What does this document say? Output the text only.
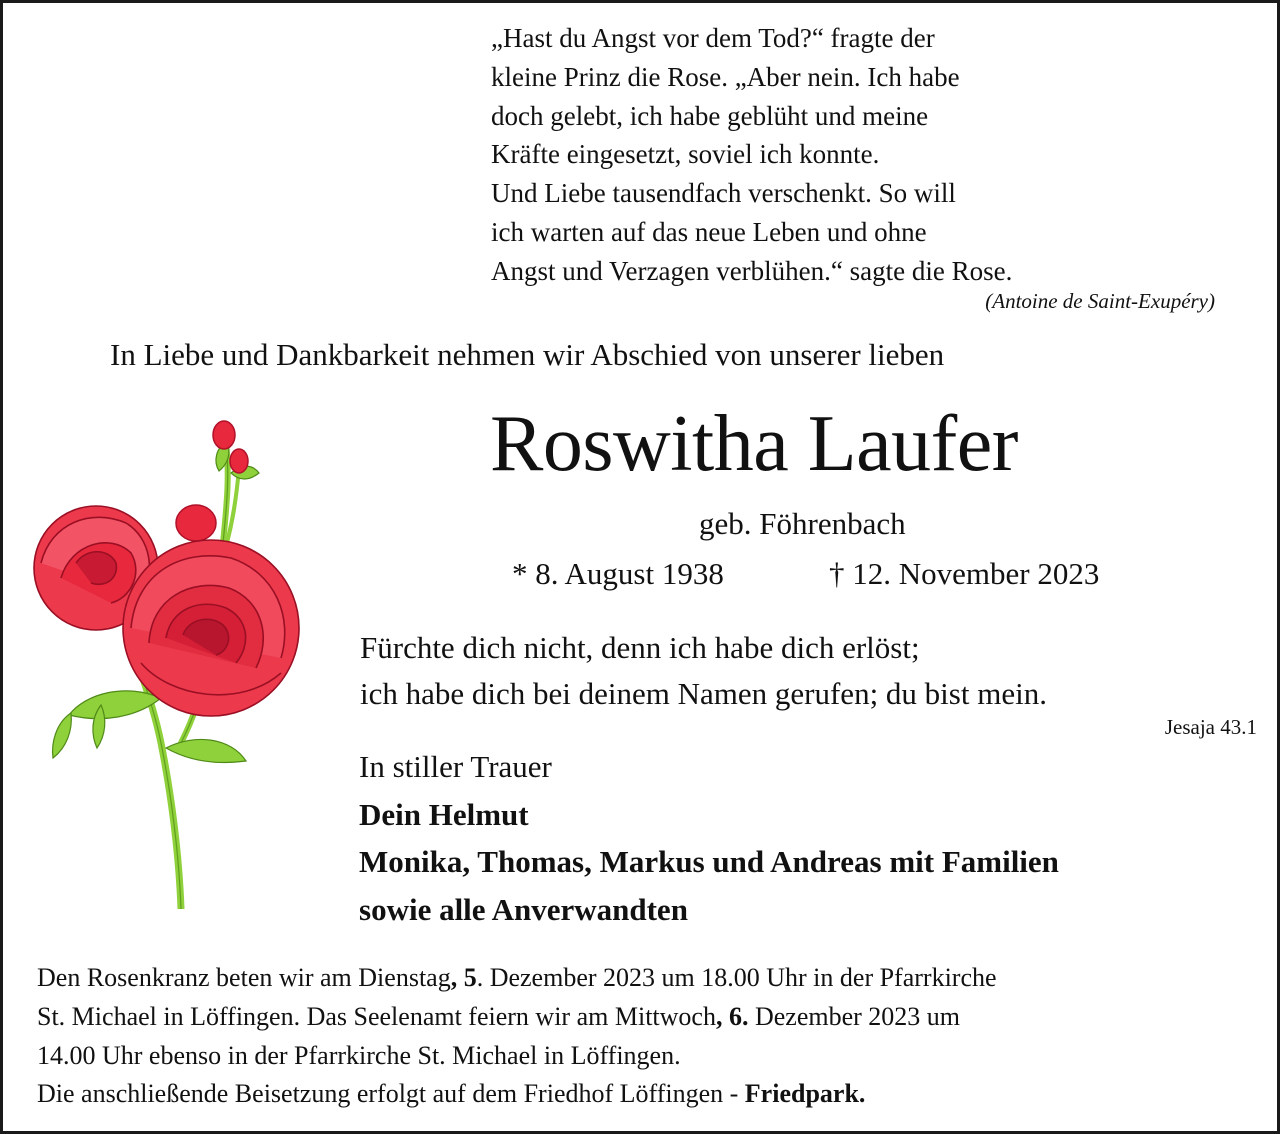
„Hast du Angst vor dem Tod?“ fragte der
kleine Prinz die Rose. „Aber nein. Ich habe
doch gelebt, ich habe geblüht und meine
Kräfte eingesetzt, soviel ich konnte.
Und Liebe tausendfach verschenkt. So will
ich warten auf das neue Leben und ohne
Angst und Verzagen verblühen.“ sagte die Rose.
(Antoine de Saint-Exupéry)
In Liebe und Dankbarkeit nehmen wir Abschied von unserer lieben
Roswitha Laufer
geb. Föhrenbach
* 8. August 1938	† 12. November 2023
Fürchte dich nicht, denn ich habe dich erlöst;
ich habe dich bei deinem Namen gerufen; du bist mein.
Jesaja 43.1
In stiller Trauer
Dein Helmut
Monika, Thomas, Markus und Andreas mit Familien
sowie alle Anverwandten
Den Rosenkranz beten wir am Dienstag, 5. Dezember 2023 um 18.00 Uhr in der Pfarrkirche
St. Michael in Löffingen. Das Seelenamt feiern wir am Mittwoch, 6. Dezember 2023 um
14.00 Uhr ebenso in der Pfarrkirche St. Michael in Löffingen.
Die anschließende Beisetzung erfolgt auf dem Friedhof Löffingen - Friedpark.
